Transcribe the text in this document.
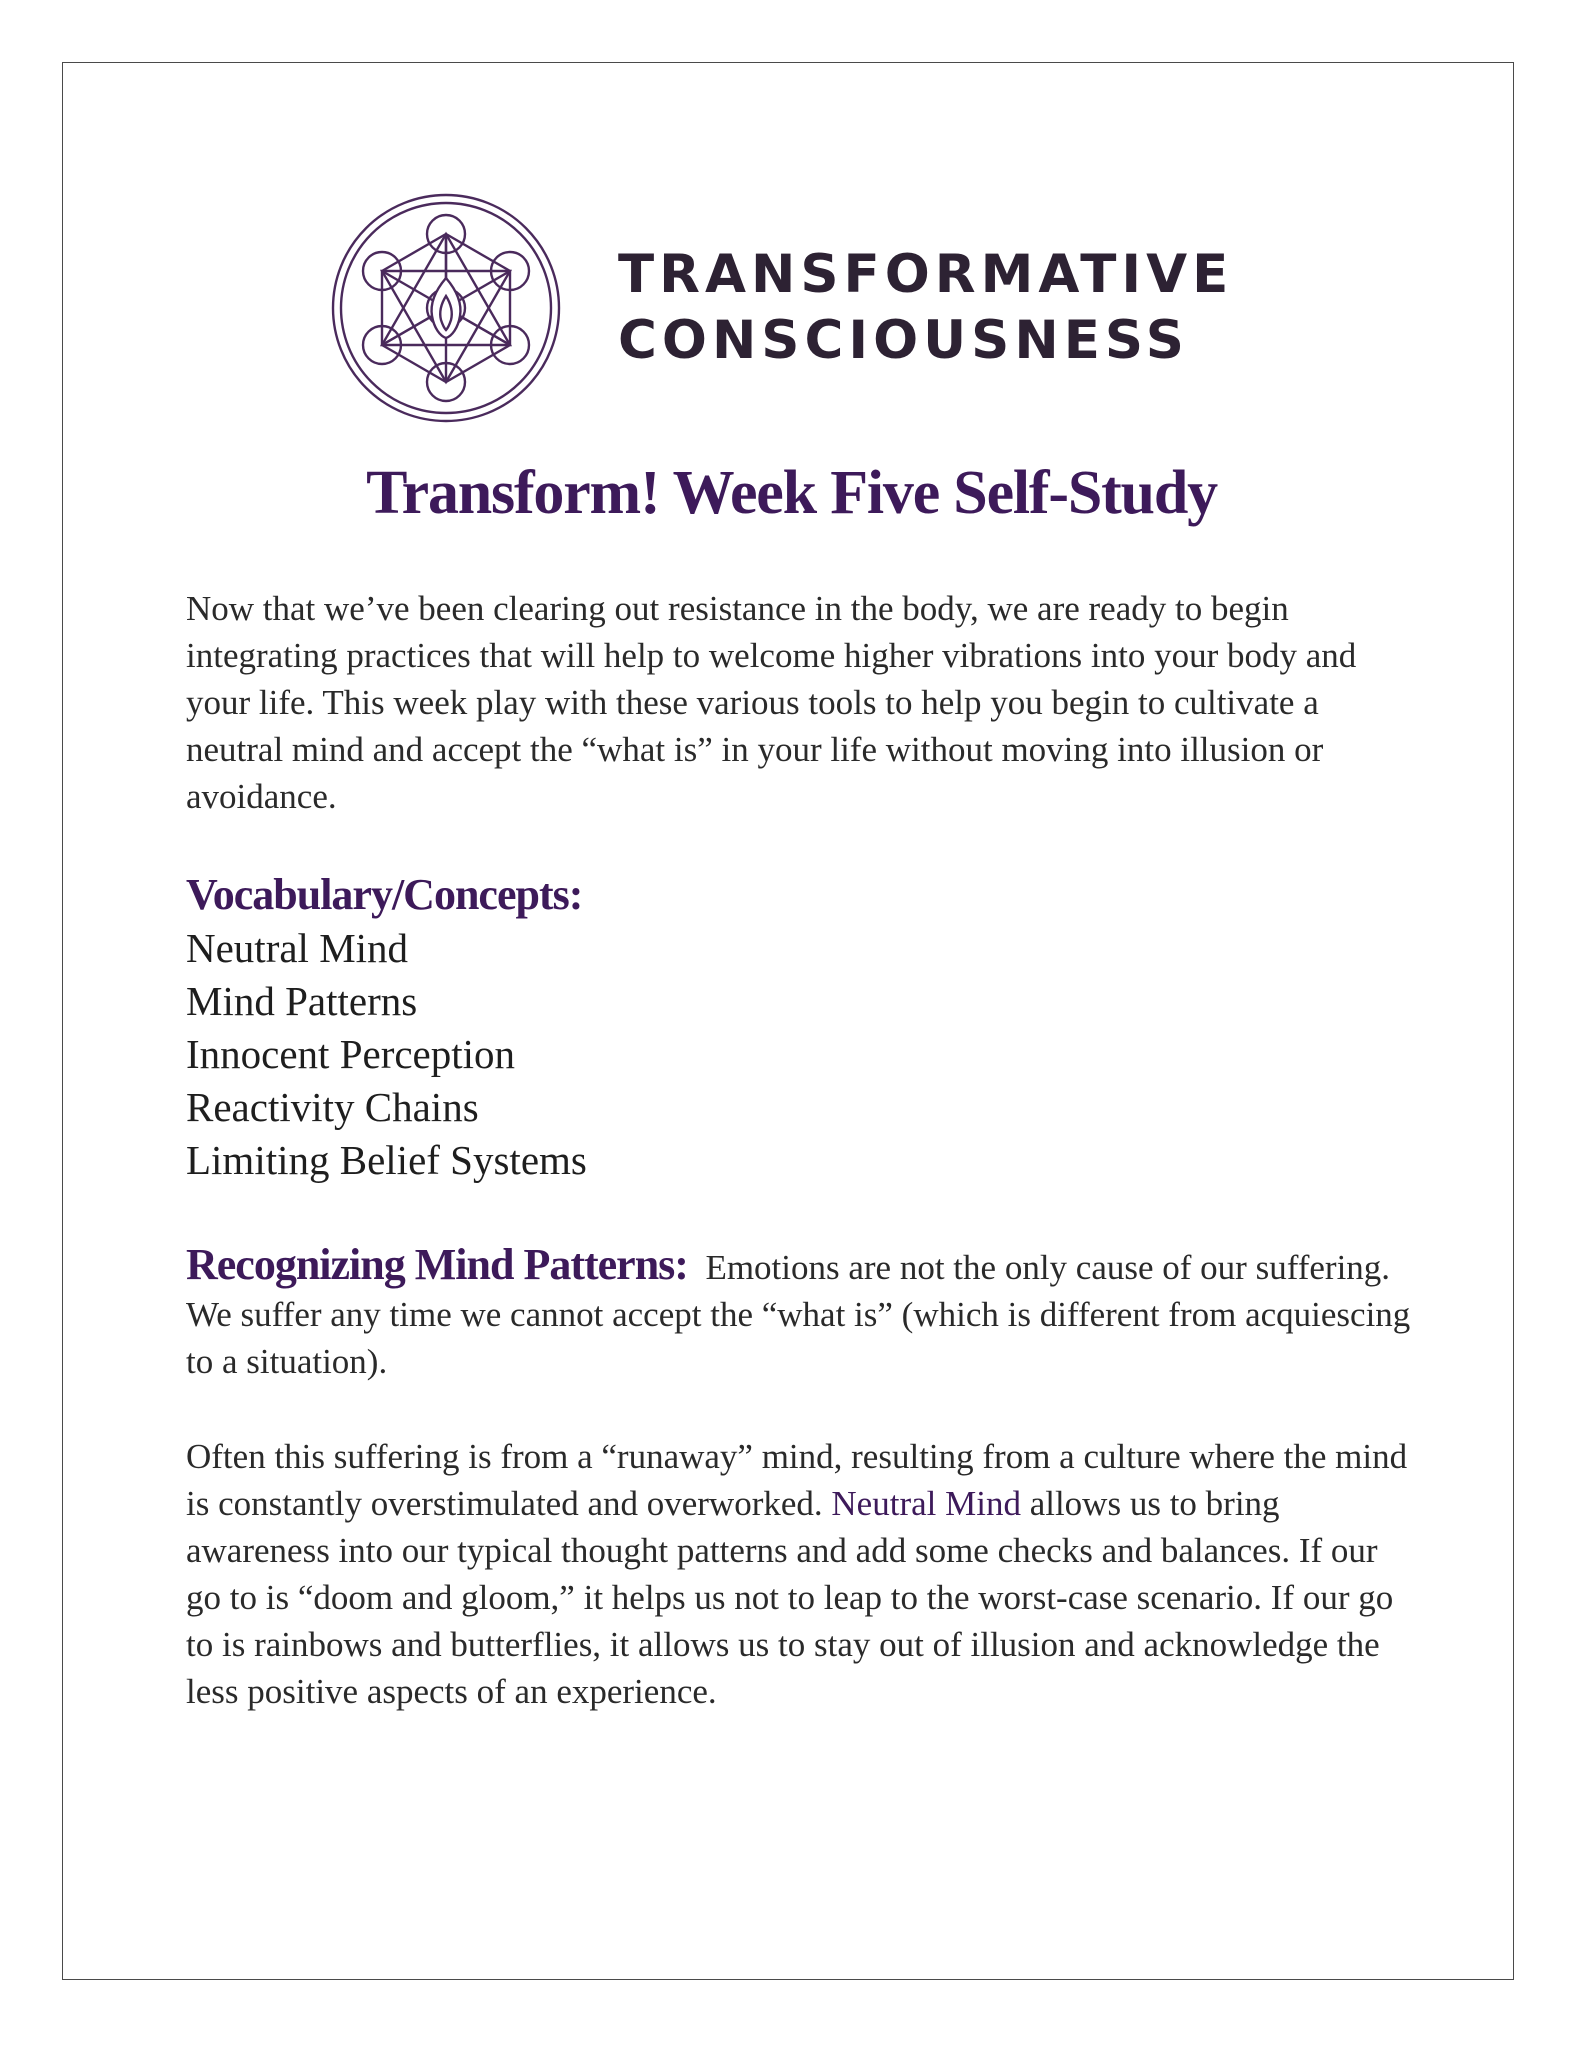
TRANSFORMATIVE
CONSCIOUSNESS
Transform! Week Five Self-Study

Now that we’ve been clearing out resistance in the body, we are ready to begin integrating practices that will help to welcome higher vibrations into your body and your life. This week play with these various tools to help you begin to cultivate a neutral mind and accept the “what is” in your life without moving into illusion or avoidance.

Vocabulary/Concepts:
Neutral Mind
Mind Patterns
Innocent Perception
Reactivity Chains
Limiting Belief Systems

Recognizing Mind Patterns: Emotions are not the only cause of our suffering. We suffer any time we cannot accept the “what is” (which is different from acquiescing to a situation).

Often this suffering is from a “runaway” mind, resulting from a culture where the mind is constantly overstimulated and overworked. Neutral Mind allows us to bring awareness into our typical thought patterns and add some checks and balances. If our go to is “doom and gloom,” it helps us not to leap to the worst-case scenario. If our go to is rainbows and butterflies, it allows us to stay out of illusion and acknowledge the less positive aspects of an experience.
